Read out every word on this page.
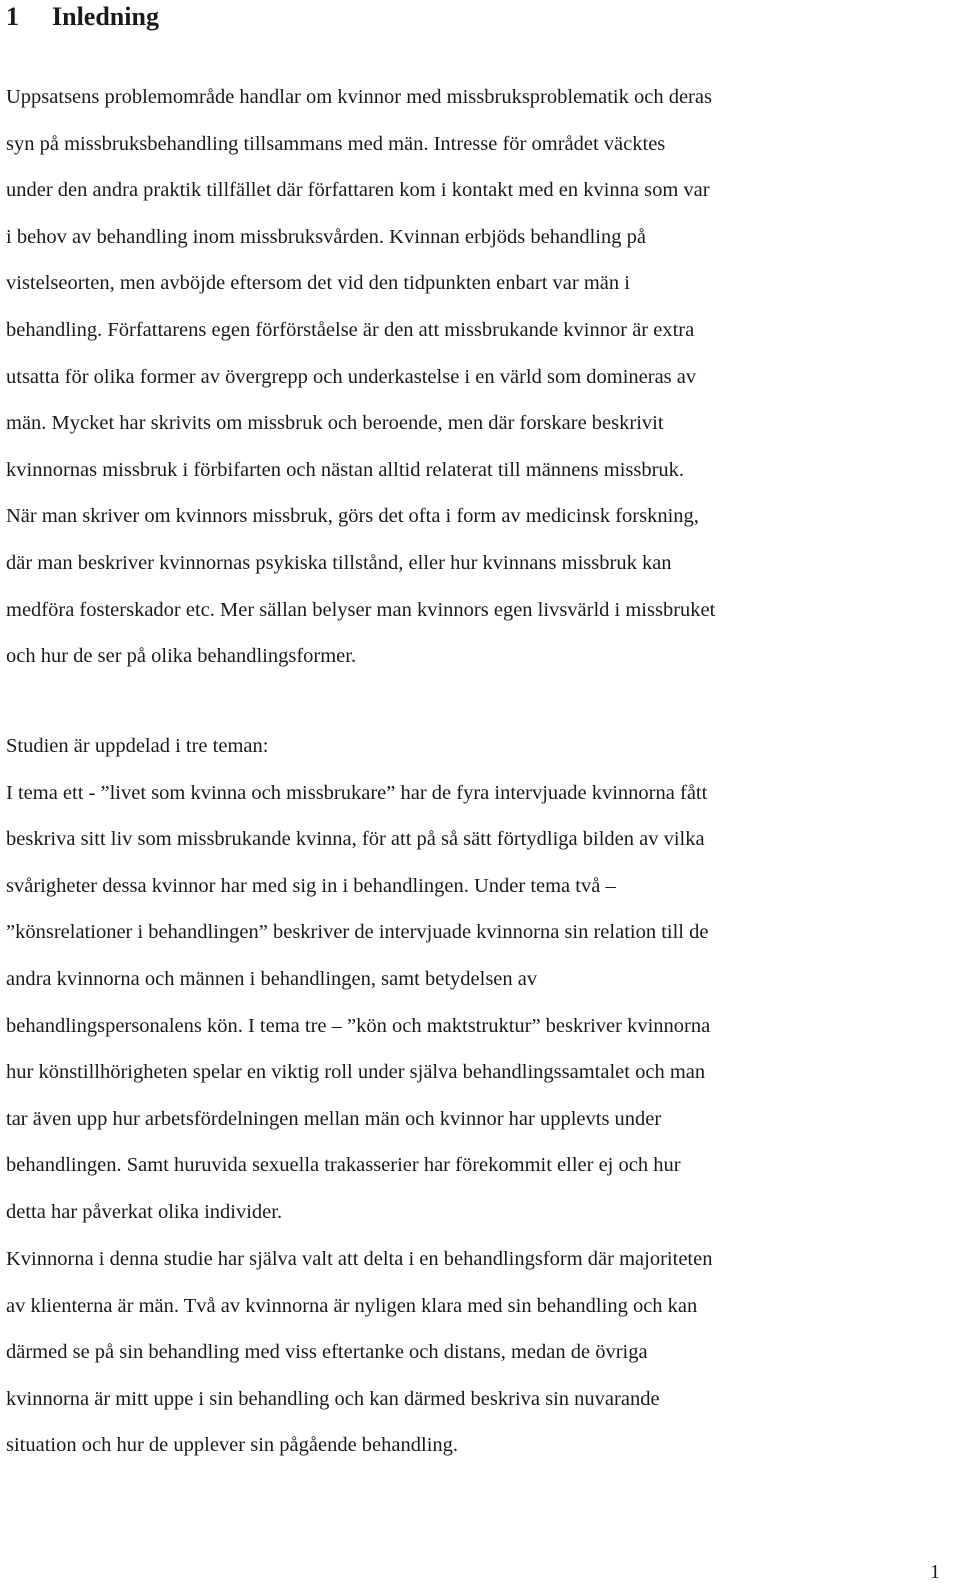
1 Inledning

Uppsatsens problemområde handlar om kvinnor med missbruksproblematik och deras
syn på missbruksbehandling tillsammans med män. Intresse för området väcktes
under den andra praktik tillfället där författaren kom i kontakt med en kvinna som var
i behov av behandling inom missbruksvården. Kvinnan erbjöds behandling på
vistelseorten, men avböjde eftersom det vid den tidpunkten enbart var män i
behandling. Författarens egen förförståelse är den att missbrukande kvinnor är extra
utsatta för olika former av övergrepp och underkastelse i en värld som domineras av
män. Mycket har skrivits om missbruk och beroende, men där forskare beskrivit
kvinnornas missbruk i förbifarten och nästan alltid relaterat till männens missbruk.
När man skriver om kvinnors missbruk, görs det ofta i form av medicinsk forskning,
där man beskriver kvinnornas psykiska tillstånd, eller hur kvinnans missbruk kan
medföra fosterskador etc. Mer sällan belyser man kvinnors egen livsvärld i missbruket
och hur de ser på olika behandlingsformer.

Studien är uppdelad i tre teman:
I tema ett - ”livet som kvinna och missbrukare” har de fyra intervjuade kvinnorna fått
beskriva sitt liv som missbrukande kvinna, för att på så sätt förtydliga bilden av vilka
svårigheter dessa kvinnor har med sig in i behandlingen. Under tema två –
”könsrelationer i behandlingen” beskriver de intervjuade kvinnorna sin relation till de
andra kvinnorna och männen i behandlingen, samt betydelsen av
behandlingspersonalens kön. I tema tre – ”kön och maktstruktur” beskriver kvinnorna
hur könstillhörigheten spelar en viktig roll under själva behandlingssamtalet och man
tar även upp hur arbetsfördelningen mellan män och kvinnor har upplevts under
behandlingen. Samt huruvida sexuella trakasserier har förekommit eller ej och hur
detta har påverkat olika individer.

Kvinnorna i denna studie har själva valt att delta i en behandlingsform där majoriteten
av klienterna är män. Två av kvinnorna är nyligen klara med sin behandling och kan
därmed se på sin behandling med viss eftertanke och distans, medan de övriga
kvinnorna är mitt uppe i sin behandling och kan därmed beskriva sin nuvarande
situation och hur de upplever sin pågående behandling.

1
